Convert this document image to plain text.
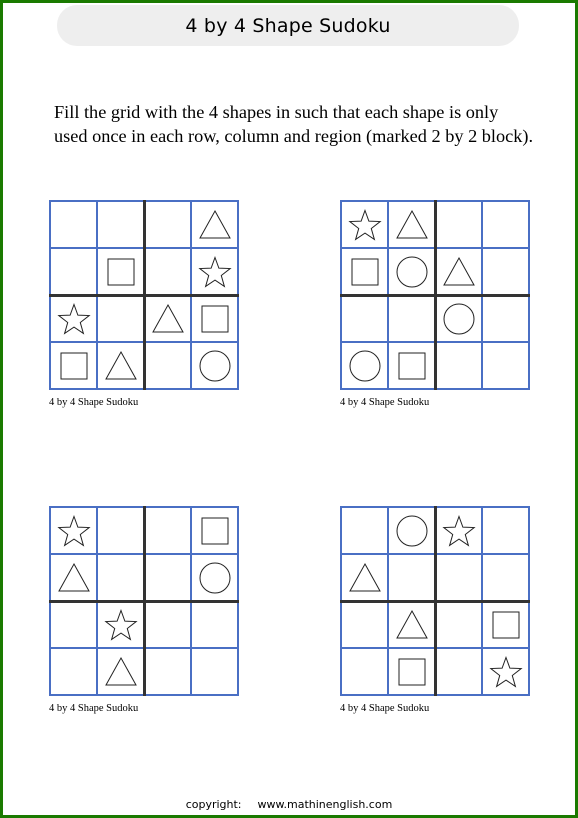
4 by 4 Shape Sudoku
Fill the grid with the 4 shapes in such that each shape is only
used once in each row, column and region (marked 2 by 2 block).
4 by 4 Shape Sudoku	4 by 4 Shape Sudoku
4 by 4 Shape Sudoku	4 by 4 Shape Sudoku
copyright: www.mathinenglish.com
